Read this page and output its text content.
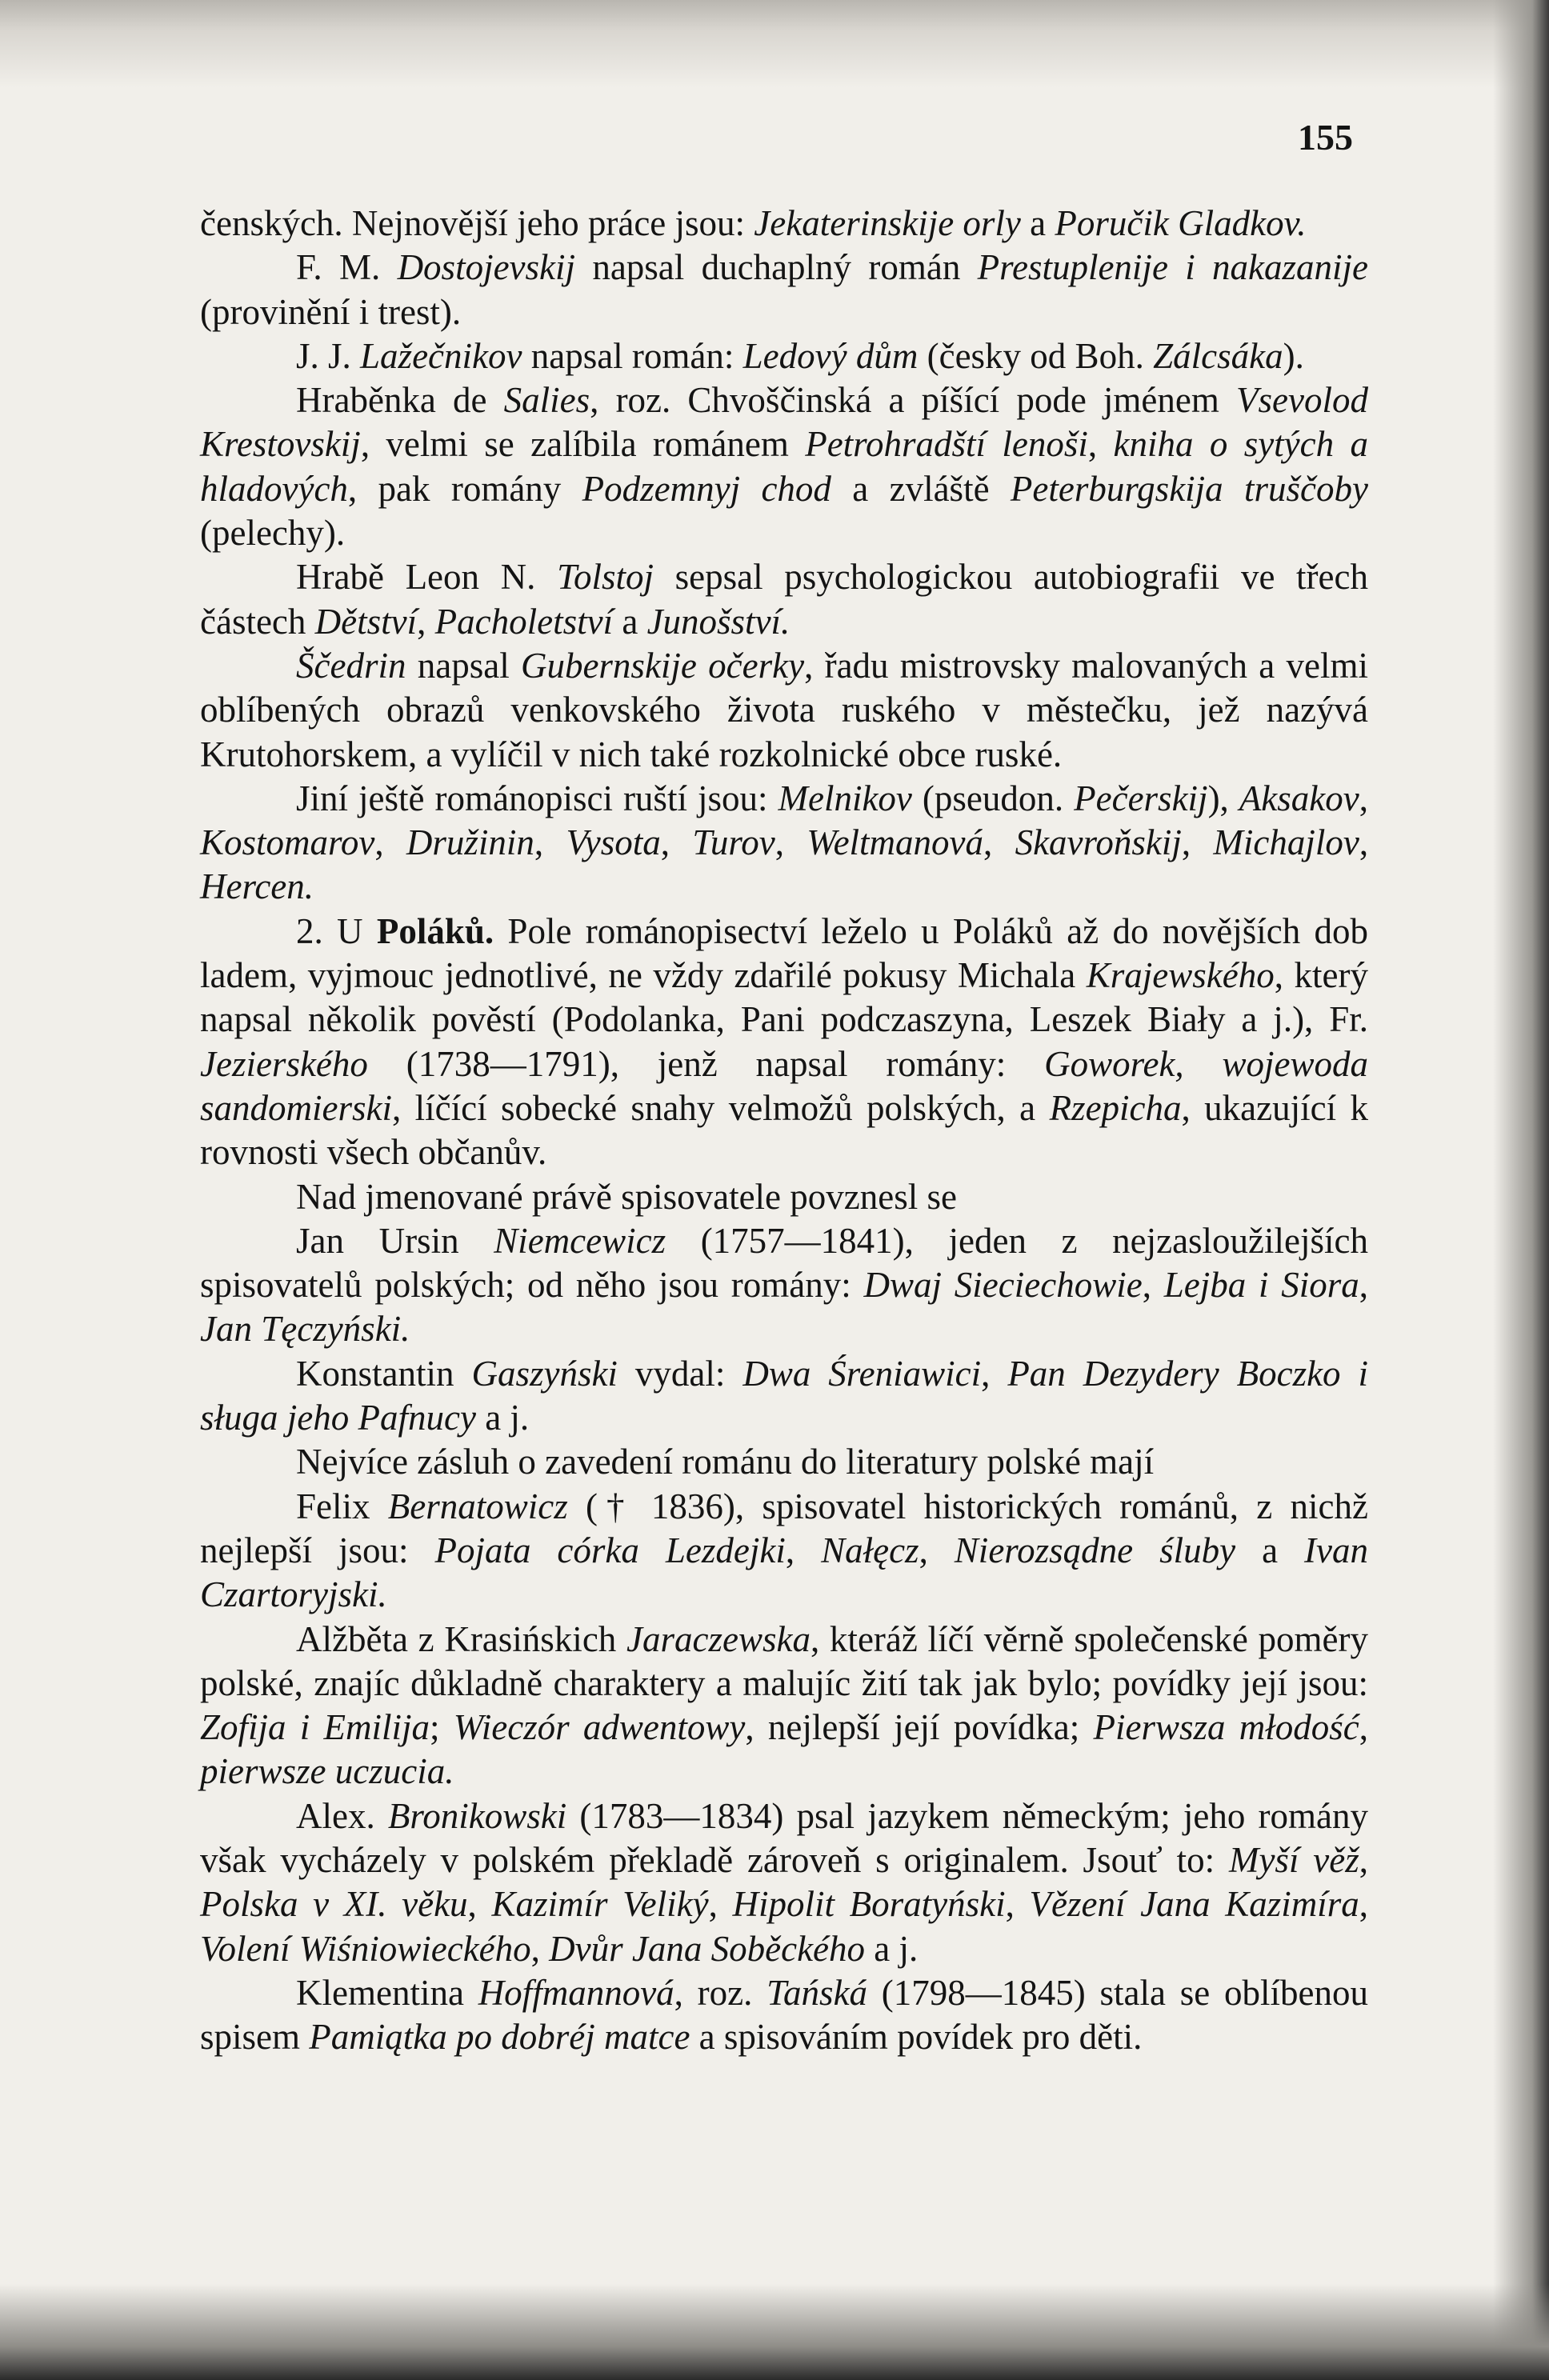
155

čenských. Nejnovější jeho práce jsou: Jekaterinskije orly a Poručik Gladkov.

F. M. Dostojevskij napsal duchaplný román Prestuplenije i nakazanije (provinění i trest).

J. J. Lažečnikov napsal román: Ledový dům (česky od Boh. Zálcsáka).

Hraběnka de Salies, roz. Chvoščinská a píšící pode jménem Vsevolod Krestovskij, velmi se zalíbila románem Petrohradští lenoši, kniha o sytých a hladových, pak romány Podzemnyj chod a zvláště Peterburgskija truščoby (pelechy).

Hrabě Leon N. Tolstoj sepsal psychologickou autobiografii ve třech částech Dětství, Pacholetství a Junošství.

Ščedrin napsal Gubernskije očerky, řadu mistrovsky malovaných a velmi oblíbených obrazů venkovského života ruského v městečku, jež nazývá Krutohorskem, a vylíčil v nich také rozkolnické obce ruské.

Jiní ještě románopisci ruští jsou: Melnikov (pseudon. Pečerskij), Aksakov, Kostomarov, Družinin, Vysota, Turov, Weltmanová, Skavroňskij, Michajlov, Hercen.

2. U Poláků. Pole románopisectví leželo u Poláků až do novějších dob ladem, vyjmouc jednotlivé, ne vždy zdařilé pokusy Michala Krajewského, který napsal několik pověstí (Podolanka, Pani podczaszyna, Leszek Biały a j.), Fr. Jezierského (1738—1791), jenž napsal romány: Goworek, wojewoda sandomierski, líčící sobecké snahy velmožů polských, a Rzepicha, ukazující k rovnosti všech občanův.

Nad jmenované právě spisovatele povznesl se

Jan Ursin Niemcewicz (1757—1841), jeden z nejzasloužilejších spisovatelů polských; od něho jsou romány: Dwaj Sieciechowie, Lejba i Siora, Jan Tęczyński.

Konstantin Gaszyński vydal: Dwa Śreniawici, Pan Dezydery Boczko i sługa jeho Pafnucy a j.

Nejvíce zásluh o zavedení románu do literatury polské mají

Felix Bernatowicz († 1836), spisovatel historických románů, z nichž nejlepší jsou: Pojata córka Lezdejki, Nałęcz, Nierozsądne śluby a Ivan Czartoryjski.

Alžběta z Krasińskich Jaraczewska, kteráž líčí věrně společenské poměry polské, znajíc důkladně charaktery a malujíc žití tak jak bylo; povídky její jsou: Zofija i Emilija; Wieczór adwentowy, nejlepší její povídka; Pierwsza młodość, pierwsze uczucia.

Alex. Bronikowski (1783—1834) psal jazykem německým; jeho romány však vycházely v polském překladě zároveň s originalem. Jsouť to: Myší věž, Polska v XI. věku, Kazimír Veliký, Hipolit Boratyński, Vězení Jana Kazimíra, Volení Wiśniowieckého, Dvůr Jana Soběckého a j.

Klementina Hoffmannová, roz. Tańská (1798—1845) stala se oblíbenou spisem Pamiątka po dobréj matce a spisováním povídek pro děti.
